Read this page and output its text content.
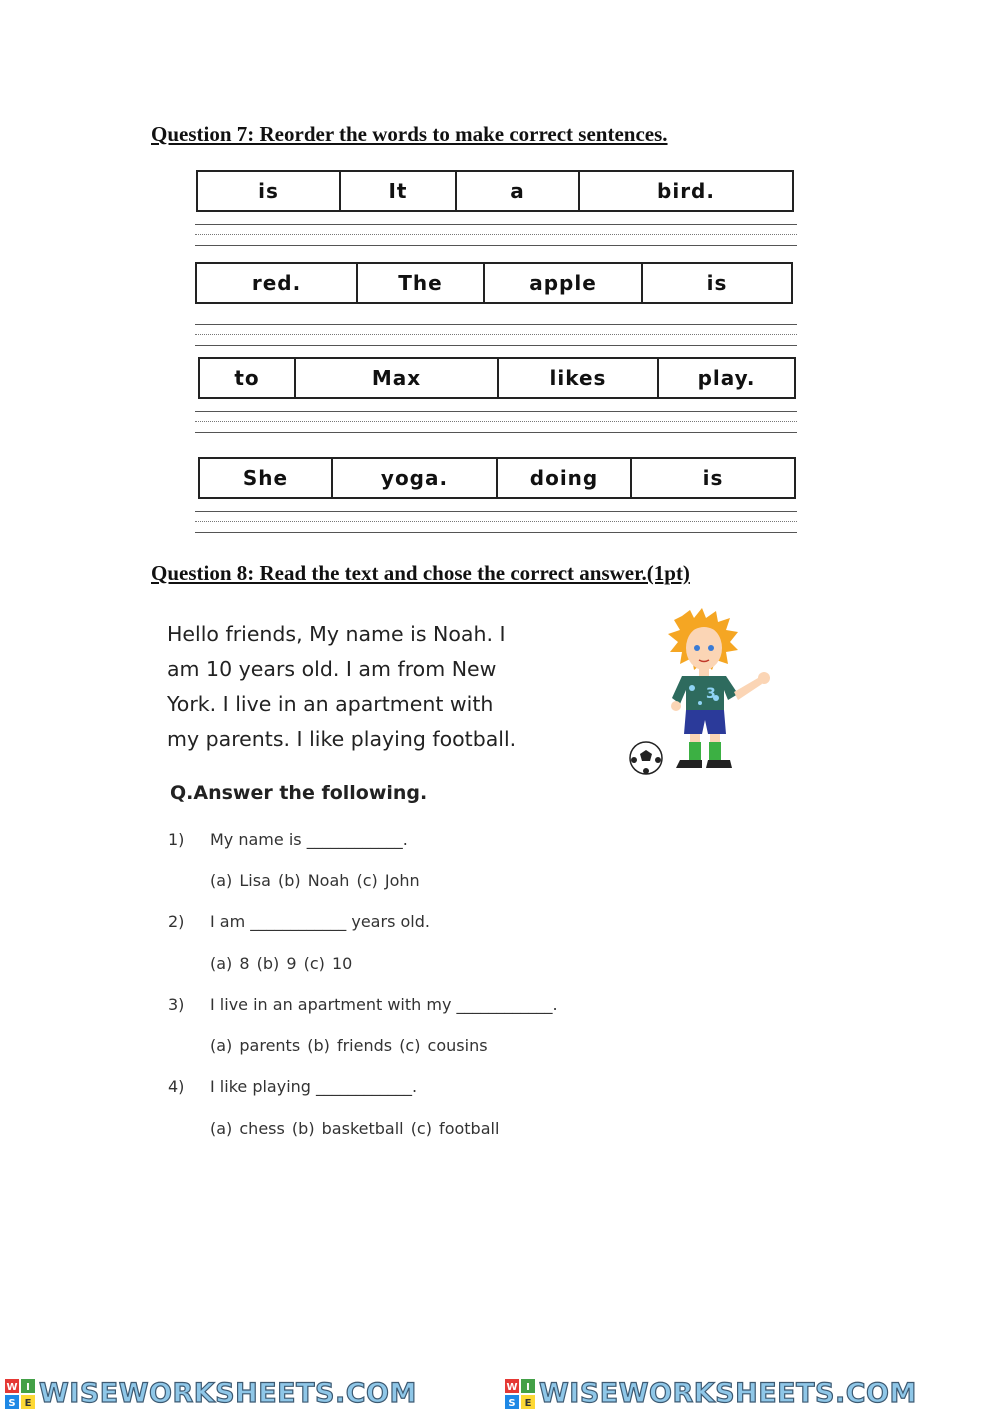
Question 7: Reorder the words to make correct sentences.
is	It	a	bird.
red.	The	apple	is
to	Max	likes	play.
She	yoga.	doing	is
Question 8: Read the text and chose the correct answer.(1pt)
Hello friends, My name is Noah. I
am 10 years old. I am from New
York. I live in an apartment with
my parents. I like playing football.
3
Q.Answer the following.

1) My name is ____________.

(a) Lisa (b) Noah (c) John

2) I am ____________ years old.

(a) 8 (b) 9 (c) 10

3) I live in an apartment with my ____________.

(a) parents (b) friends (c) cousins

4) I like playing ____________.

(a) chess (b) basketball (c) football

W I
S E WISEWORKSHEETS.COM	W I
S E WISEWORKSHEETS.COM
